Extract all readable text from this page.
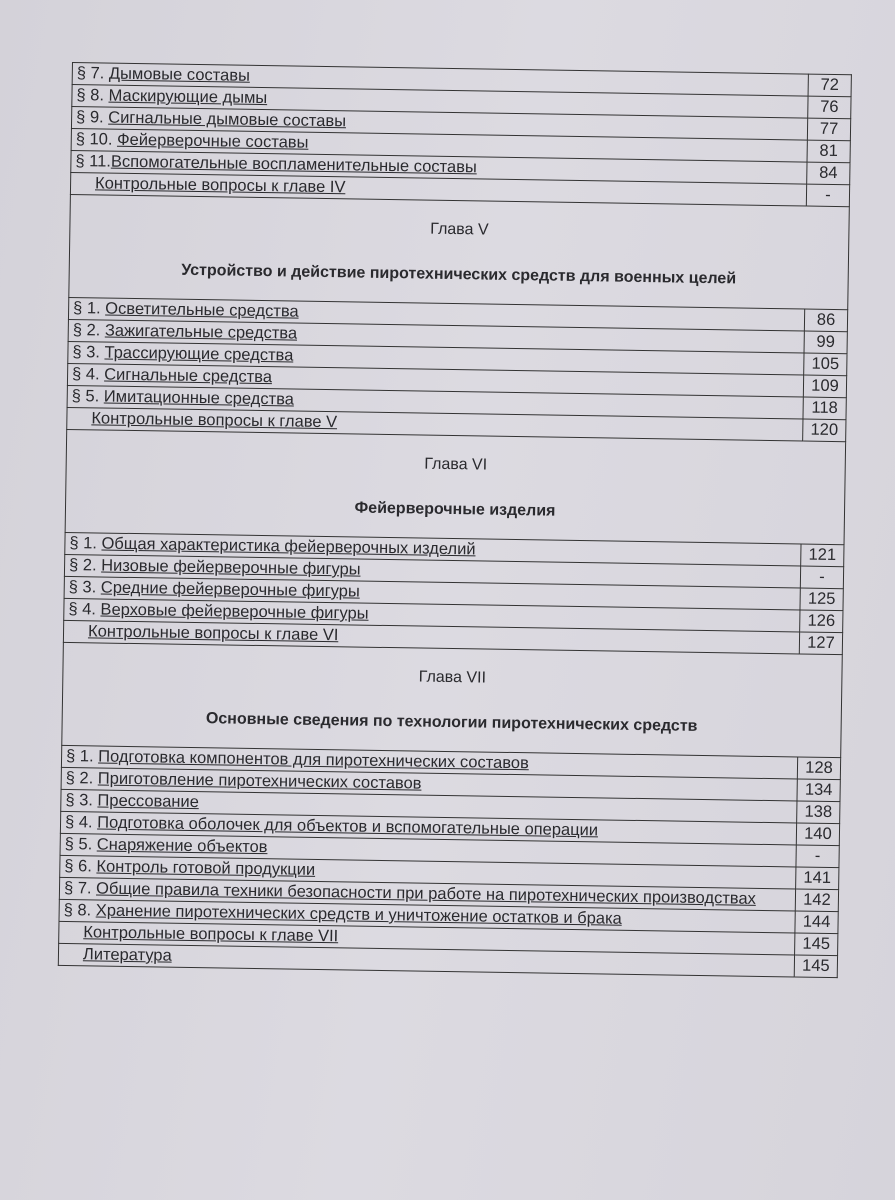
§ 7. Дымовые составы	72
§ 8. Маскирующие дымы	76
§ 9. Сигнальные дымовые составы	77
§ 10. Фейерверочные составы	81
§ 11.Вспомогательные воспламенительные составы	84
Контрольные вопросы к главе IV	-

Глава V
Устройство и действие пиротехнических средств для военных целей	

§ 1. Осветительные средства	86
§ 2. Зажигательные средства	99
§ 3. Трассирующие средства	105
§ 4. Сигнальные средства	109
§ 5. Имитационные средства	118
Контрольные вопросы к главе V	120

Глава VI
Фейерверочные изделия	

§ 1. Общая характеристика фейерверочных изделий	121
§ 2. Низовые фейерверочные фигуры	-
§ 3. Средние фейерверочные фигуры	125
§ 4. Верховые фейерверочные фигуры	126
Контрольные вопросы к главе VI	127

Глава VII
Основные сведения по технологии пиротехнических средств	

§ 1. Подготовка компонентов для пиротехнических составов	128
§ 2. Приготовление пиротехнических составов	134
§ 3. Прессование	138
§ 4. Подготовка оболочек для объектов и вспомогательные операции	140
§ 5. Снаряжение объектов	-
§ 6. Контроль готовой продукции	141
§ 7. Общие правила техники безопасности при работе на пиротехнических производствах	142
§ 8. Хранение пиротехнических средств и уничтожение остатков и брака	144
Контрольные вопросы к главе VII	145
Литература	145
